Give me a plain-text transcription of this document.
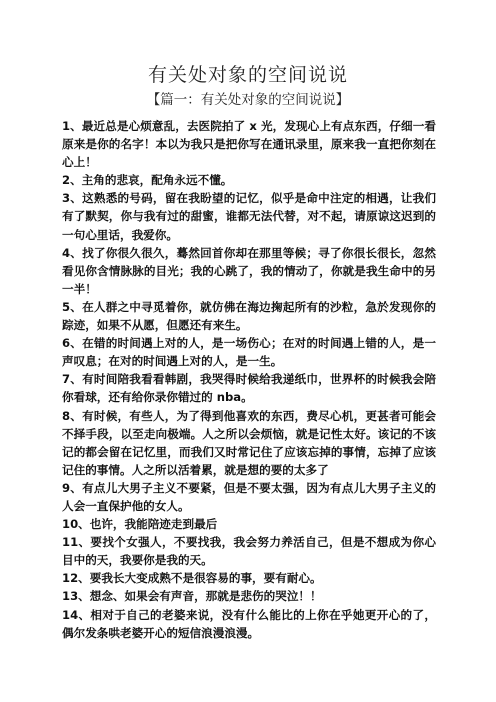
有关处对象的空间说说
【篇一：有关处对象的空间说说】

1、最近总是心烦意乱，去医院拍了 x 光，发现心上有点东西，仔细一看原来是你的名字！本以为我只是把你写在通讯录里，原来我一直把你刻在心上！

2、主角的悲哀，配角永远不懂。

3、这熟悉的号码，留在我盼望的记忆，似乎是命中注定的相遇，让我们有了默契，你与我有过的甜蜜，谁都无法代替，对不起，请原谅这迟到的一句心里话，我爱你。

4、找了你很久很久，蓦然回首你却在那里等候；寻了你很长很长，忽然看见你含情脉脉的目光；我的心跳了，我的情动了，你就是我生命中的另一半！

5、在人群之中寻觅着你，就仿佛在海边掬起所有的沙粒，急於发现你的踪迹，如果不从愿，但愿还有来生。

6、在错的时间遇上对的人，是一场伤心；在对的时间遇上错的人，是一声叹息；在对的时间遇上对的人，是一生。

7、有时间陪我看看韩剧，我哭得时候给我递纸巾，世界杯的时候我会陪你看球，还有给你录你错过的 nba。

8、有时候，有些人，为了得到他喜欢的东西，费尽心机，更甚者可能会不择手段，以至走向极端。人之所以会烦恼，就是记性太好。该记的不该记的都会留在记忆里，而我们又时常记住了应该忘掉的事情，忘掉了应该记住的事情。人之所以活着累，就是想的要的太多了

9、有点儿大男子主义不要紧，但是不要太强，因为有点儿大男子主义的人会一直保护他的女人。

10、也许，我能陪迹走到最后

11、要找个女强人，不要找我，我会努力养活自己，但是不想成为你心目中的天，我要你是我的天。

12、要我长大变成熟不是很容易的事，要有耐心。

13、想念、如果会有声音，那就是悲伤的哭泣！！

14、相对于自己的老婆来说，没有什么能比的上你在乎她更开心的了，偶尔发条哄老婆开心的短信浪漫浪漫。
